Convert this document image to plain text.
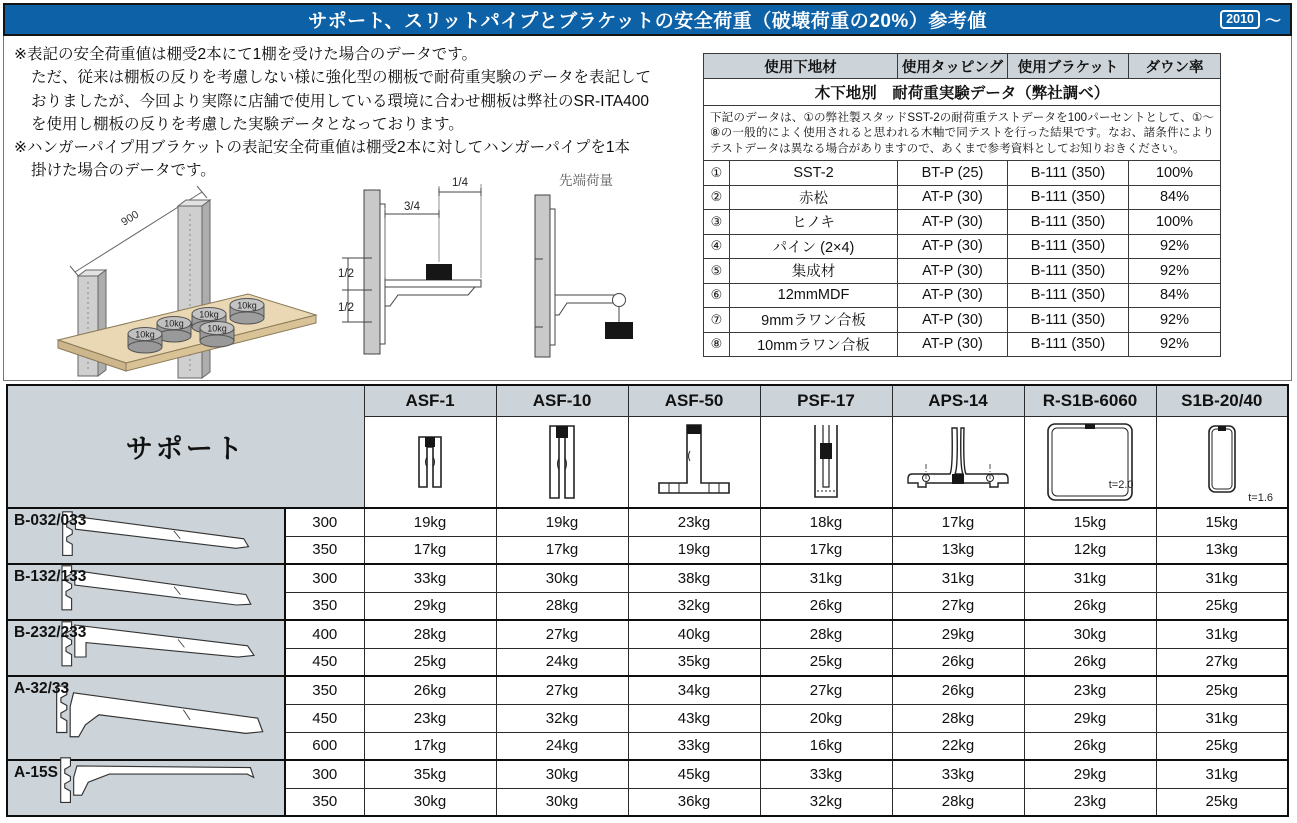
サポート、スリットパイプとブラケットの安全荷重（破壊荷重の20%）参考値	2010 ～
※表記の安全荷重値は棚受2本にて1棚を受けた場合のデータです。
ただ、従来は棚板の反りを考慮しない様に強化型の棚板で耐荷重実験のデータを表記して
おりましたが、今回より実際に店舗で使用している環境に合わせ棚板は弊社のSR-ITA400
を使用し棚板の反りを考慮した実験データとなっております。
※ハンガーパイプ用ブラケットの表記安全荷重値は棚受2本に対してハンガーパイプを1本
掛けた場合のデータです。
900
10kg
10kg
10kg
10kg
10kg
3/4
1/4
1/2
1/2
先端荷量
木下地別　耐荷重実験データ（弊社調べ）				
下記のデータは、①の弊社製スタッドSST-2の耐荷重テストデータを100パーセントとして、①～⑧の一般的によく使用されると思われる木軸で同テストを行った結果です。なお、諸条件によりテストデータは異なる場合がありますので、あくまで参考資料としてお知りおきください。				
使用下地材		使用タッピング	使用ブラケット	ダウン率
①	SST-2	BT-P (25)	B-111 (350)	100%
②	赤松	AT-P (30)	B-111 (350)	84%
③	ヒノキ	AT-P (30)	B-111 (350)	100%
④	パイン (2×4)	AT-P (30)	B-111 (350)	92%
⑤	集成材	AT-P (30)	B-111 (350)	92%
⑥	12mmMDF	AT-P (30)	B-111 (350)	84%
⑦	9mmラワン合板	AT-P (30)	B-111 (350)	92%
⑧	10mmラワン合板	AT-P (30)	B-111 (350)	92%
サポート		ASF-1	ASF-10	ASF-50	PSF-17	APS-14	R-S1B-6060	S1B-20/40

t=2.0	t=1.6

B-032/033	300	19kg	19kg	23kg	18kg	17kg	15kg	15kg
	350	17kg	17kg	19kg	17kg	13kg	12kg	13kg

B-132/133	300	33kg	30kg	38kg	31kg	31kg	31kg	31kg
	350	29kg	28kg	32kg	26kg	27kg	26kg	25kg

B-232/233	400	28kg	27kg	40kg	28kg	29kg	30kg	31kg
	450	25kg	24kg	35kg	25kg	26kg	26kg	27kg

A-32/33	350	26kg	27kg	34kg	27kg	26kg	23kg	25kg
	450	23kg	32kg	43kg	20kg	28kg	29kg	31kg
	600	17kg	24kg	33kg	16kg	22kg	26kg	25kg

A-15S	300	35kg	30kg	45kg	33kg	33kg	29kg	31kg
	350	30kg	30kg	36kg	32kg	28kg	23kg	25kg
